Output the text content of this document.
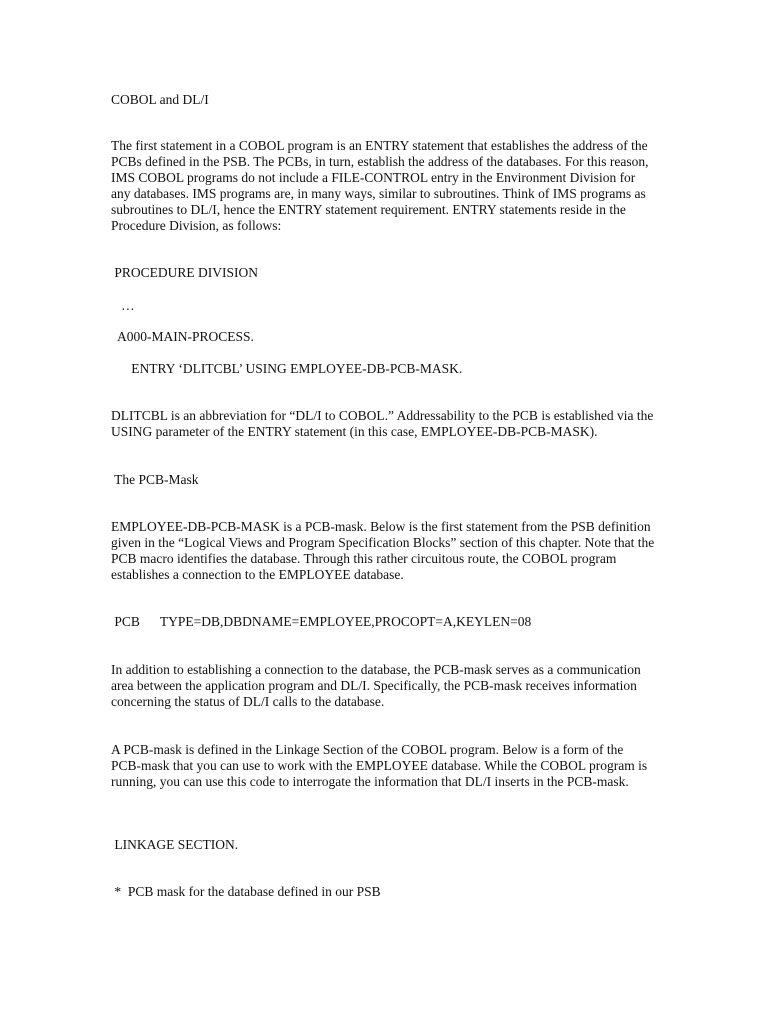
COBOL and DL/I

The first statement in a COBOL program is an ENTRY statement that establishes the address of the PCBs defined in the PSB. The PCBs, in turn, establish the address of the databases. For this reason, IMS COBOL programs do not include a FILE-CONTROL entry in the Environment Division for any databases. IMS programs are, in many ways, similar to subroutines. Think of IMS programs as subroutines to DL/I, hence the ENTRY statement requirement. ENTRY statements reside in the Procedure Division, as follows:

PROCEDURE DIVISION

…

A000-MAIN-PROCESS.

ENTRY ‘DLITCBL’ USING EMPLOYEE-DB-PCB-MASK.

DLITCBL is an abbreviation for “DL/I to COBOL.” Addressability to the PCB is established via the USING parameter of the ENTRY statement (in this case, EMPLOYEE-DB-PCB-MASK).

The PCB-Mask

EMPLOYEE-DB-PCB-MASK is a PCB-mask. Below is the first statement from the PSB definition given in the “Logical Views and Program Specification Blocks” section of this chapter. Note that the PCB macro identifies the database. Through this rather circuitous route, the COBOL program establishes a connection to the EMPLOYEE database.

PCB      TYPE=DB,DBDNAME=EMPLOYEE,PROCOPT=A,KEYLEN=08

In addition to establishing a connection to the database, the PCB-mask serves as a communication area between the application program and DL/I. Specifically, the PCB-mask receives information concerning the status of DL/I calls to the database.

A PCB-mask is defined in the Linkage Section of the COBOL program. Below is a form of the PCB-mask that you can use to work with the EMPLOYEE database. While the COBOL program is running, you can use this code to interrogate the information that DL/I inserts in the PCB-mask.

LINKAGE SECTION.

*  PCB mask for the database defined in our PSB
